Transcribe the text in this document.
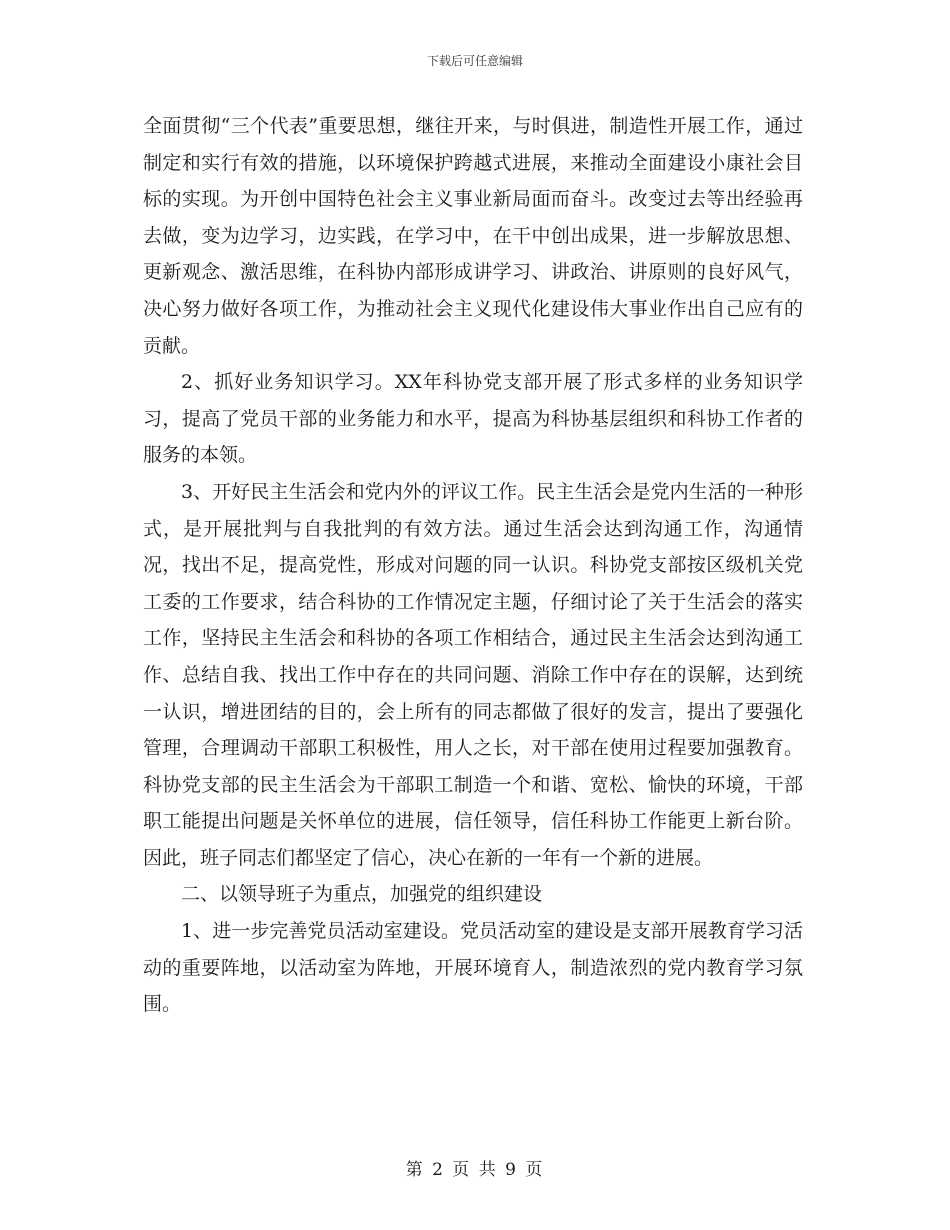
下载后可任意编辑

全面贯彻“三个代表”重要思想，继往开来，与时俱进，制造性开展工作，通过制定和实行有效的措施，以环境保护跨越式进展，来推动全面建设小康社会目标的实现。为开创中国特色社会主义事业新局面而奋斗。改变过去等出经验再去做，变为边学习，边实践，在学习中，在干中创出成果，进一步解放思想、更新观念、激活思维，在科协内部形成讲学习、讲政治、讲原则的良好风气，决心努力做好各项工作，为推动社会主义现代化建设伟大事业作出自己应有的贡献。

2、抓好业务知识学习。XX年科协党支部开展了形式多样的业务知识学习，提高了党员干部的业务能力和水平，提高为科协基层组织和科协工作者的服务的本领。

3、开好民主生活会和党内外的评议工作。民主生活会是党内生活的一种形式，是开展批判与自我批判的有效方法。通过生活会达到沟通工作，沟通情况，找出不足，提高党性，形成对问题的同一认识。科协党支部按区级机关党工委的工作要求，结合科协的工作情况定主题，仔细讨论了关于生活会的落实工作，坚持民主生活会和科协的各项工作相结合，通过民主生活会达到沟通工作、总结自我、找出工作中存在的共同问题、消除工作中存在的误解，达到统一认识，增进团结的目的，会上所有的同志都做了很好的发言，提出了要强化管理，合理调动干部职工积极性，用人之长，对干部在使用过程要加强教育。科协党支部的民主生活会为干部职工制造一个和谐、宽松、愉快的环境，干部职工能提出问题是关怀单位的进展，信任领导，信任科协工作能更上新台阶。因此，班子同志们都坚定了信心，决心在新的一年有一个新的进展。

二、以领导班子为重点，加强党的组织建设

1、进一步完善党员活动室建设。党员活动室的建设是支部开展教育学习活动的重要阵地，以活动室为阵地，开展环境育人，制造浓烈的党内教育学习氛围。

第 2 页 共 9 页
